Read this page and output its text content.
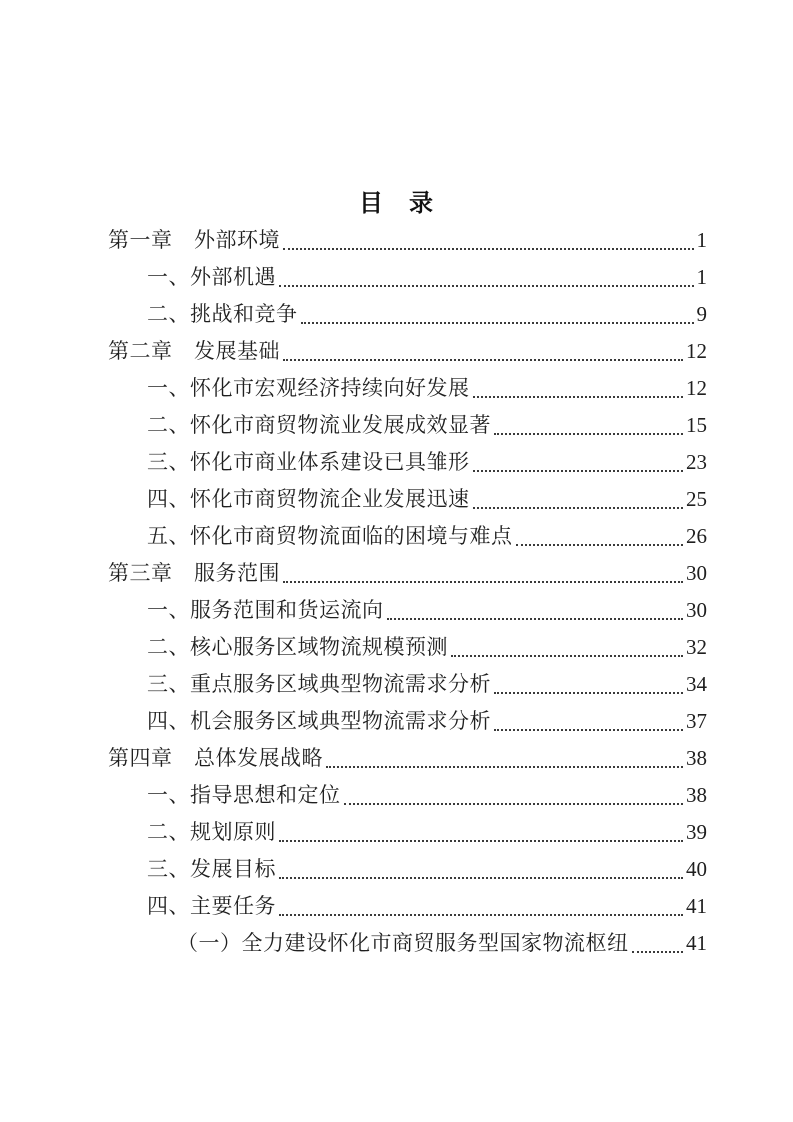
目　录
第一章　外部环境	1
一、外部机遇	1
二、挑战和竞争	9
第二章　发展基础	12
一、怀化市宏观经济持续向好发展	12
二、怀化市商贸物流业发展成效显著	15
三、怀化市商业体系建设已具雏形	23
四、怀化市商贸物流企业发展迅速	25
五、怀化市商贸物流面临的困境与难点	26
第三章　服务范围	30
一、服务范围和货运流向	30
二、核心服务区域物流规模预测	32
三、重点服务区域典型物流需求分析	34
四、机会服务区域典型物流需求分析	37
第四章　总体发展战略	38
一、指导思想和定位	38
二、规划原则	39
三、发展目标	40
四、主要任务	41
（一）全力建设怀化市商贸服务型国家物流枢纽	41
